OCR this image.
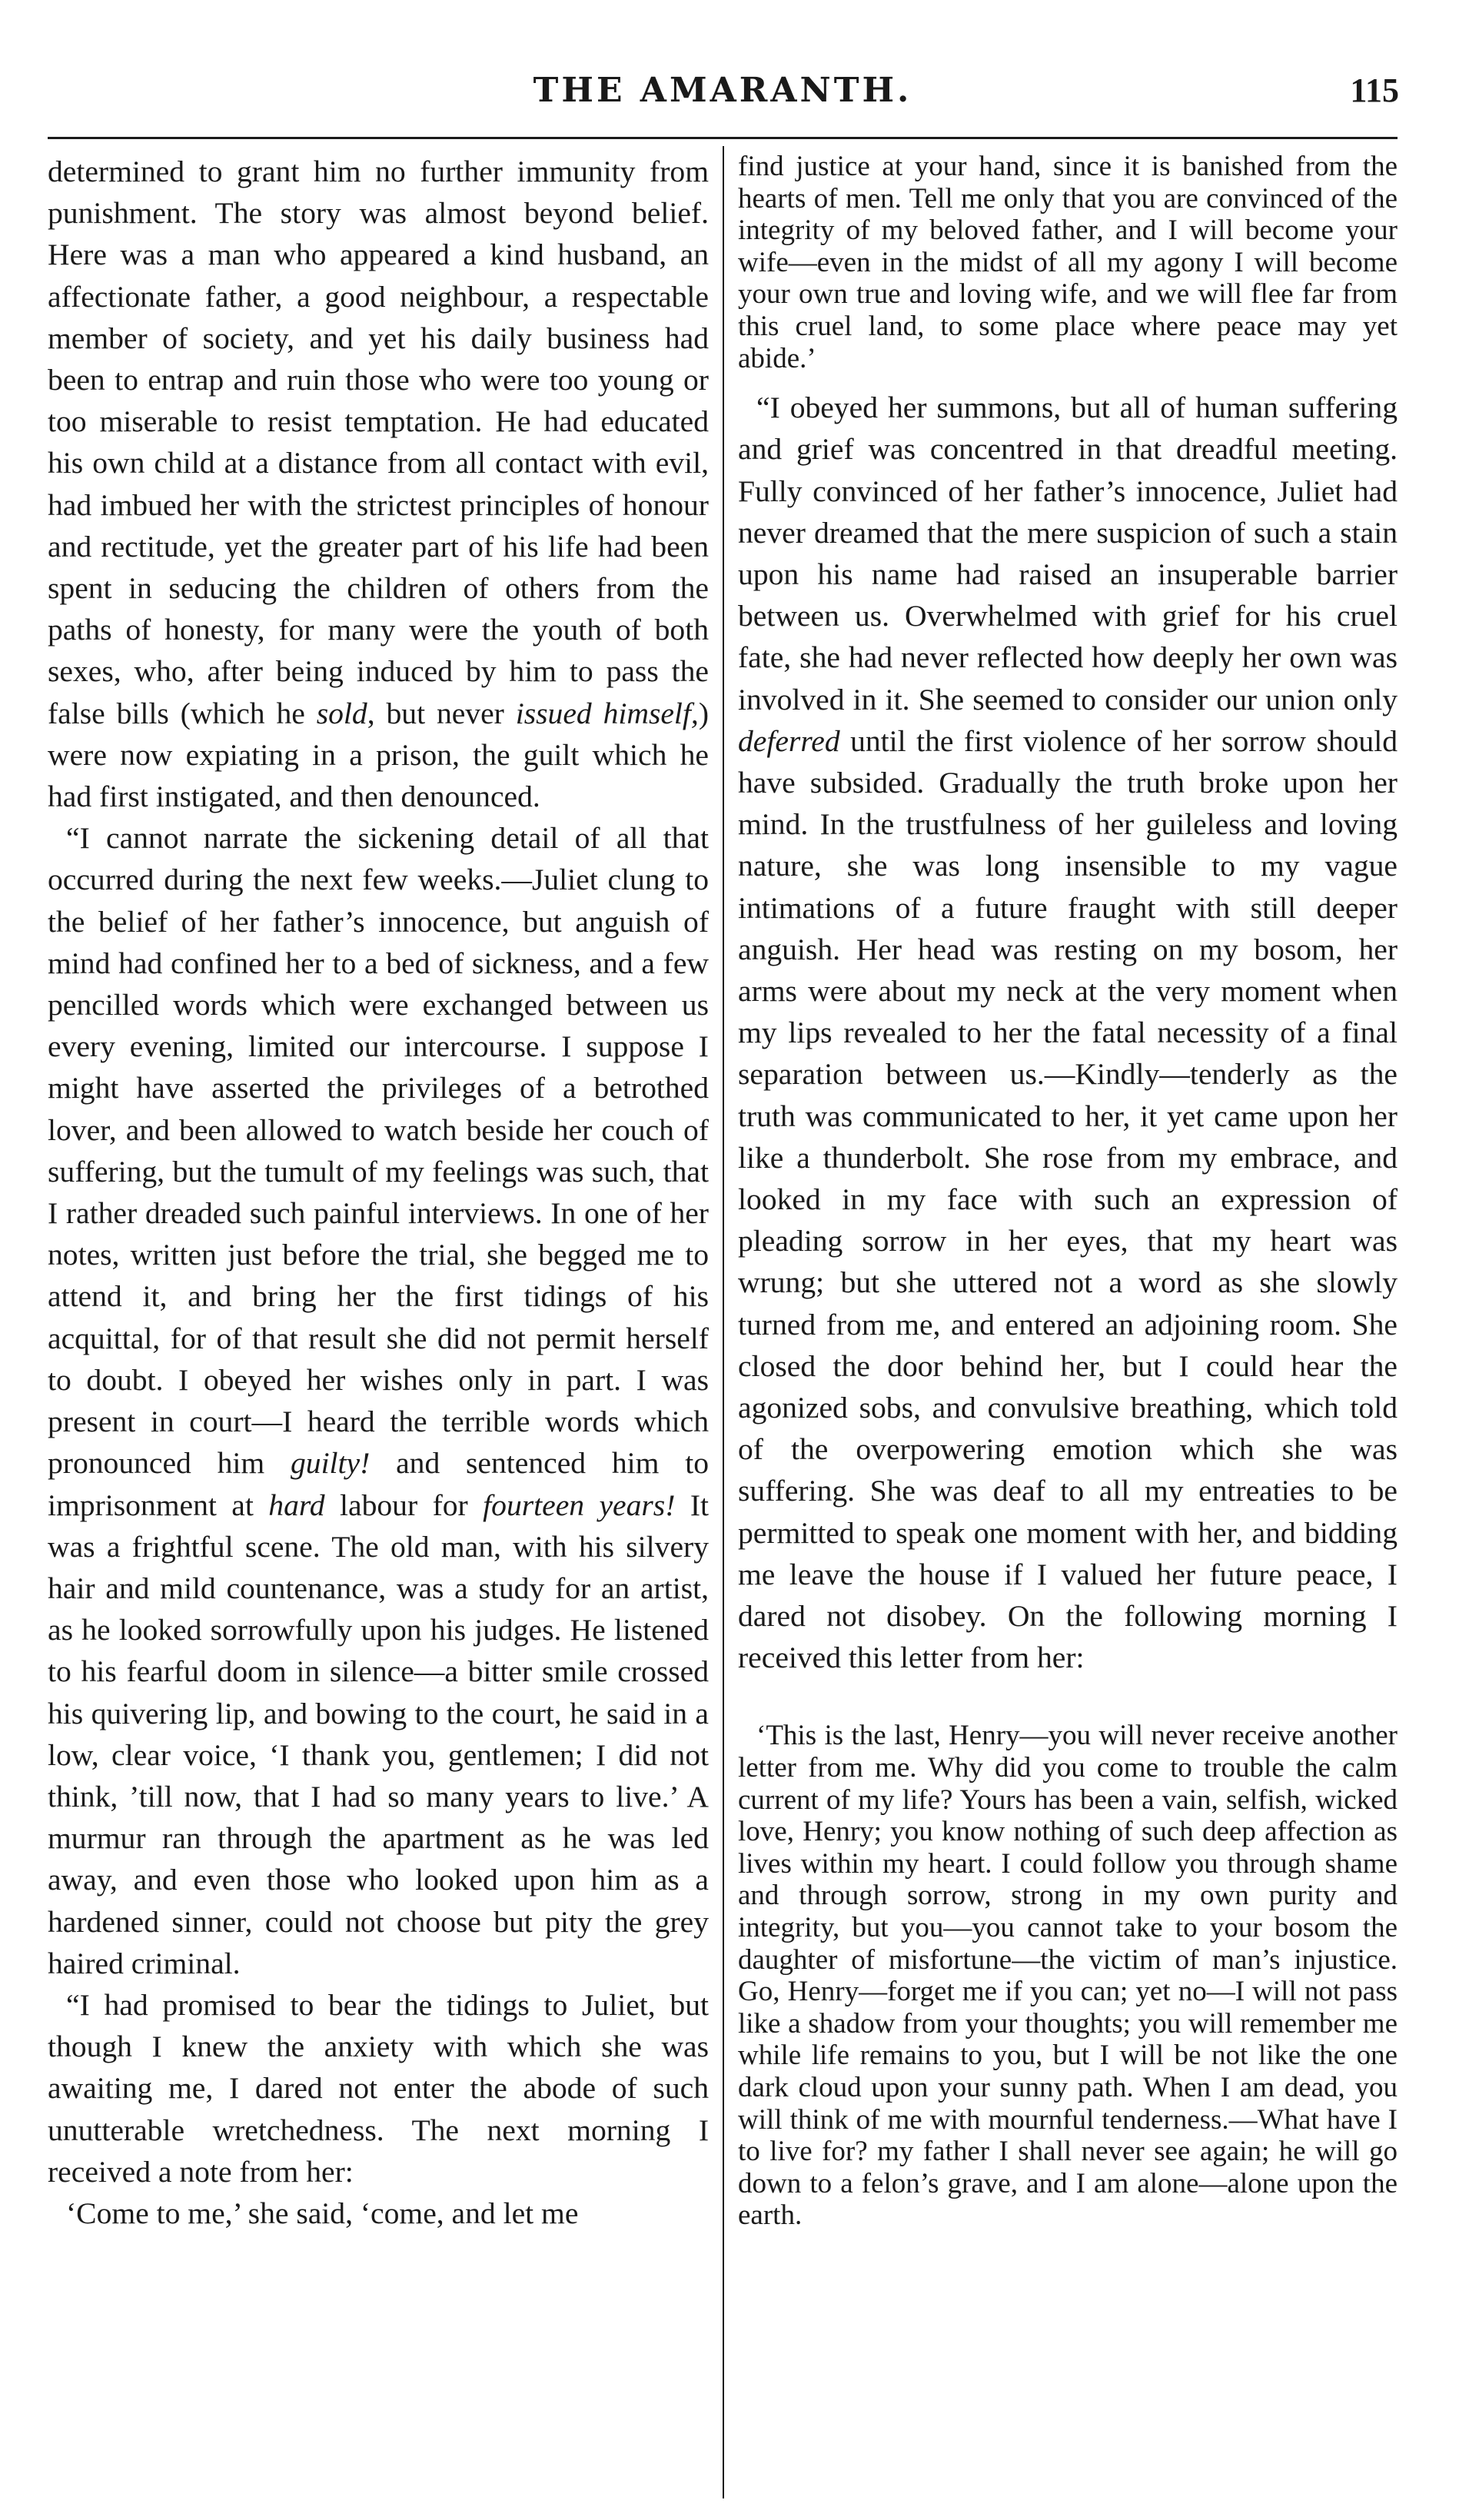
THE AMARANTH.	115

determined to grant him no further immunity from punishment. The story was almost beyond belief. Here was a man who appeared a kind husband, an affectionate father, a good neighbour, a respectable member of society, and yet his daily business had been to entrap and ruin those who were too young or too miserable to resist temptation. He had educated his own child at a distance from all contact with evil, had imbued her with the strictest principles of honour and rectitude, yet the greater part of his life had been spent in seducing the children of others from the paths of honesty, for many were the youth of both sexes, who, after being induced by him to pass the false bills (which he sold, but never issued himself,) were now expiating in a prison, the guilt which he had first instigated, and then denounced.

“I cannot narrate the sickening detail of all that occurred during the next few weeks.—Juliet clung to the belief of her father’s innocence, but anguish of mind had confined her to a bed of sickness, and a few pencilled words which were exchanged between us every evening, limited our intercourse. I suppose I might have asserted the privileges of a betrothed lover, and been allowed to watch beside her couch of suffering, but the tumult of my feelings was such, that I rather dreaded such painful interviews. In one of her notes, written just before the trial, she begged me to attend it, and bring her the first tidings of his acquittal, for of that result she did not permit herself to doubt. I obeyed her wishes only in part. I was present in court—I heard the terrible words which pronounced him guilty! and sentenced him to imprisonment at hard labour for fourteen years! It was a frightful scene. The old man, with his silvery hair and mild countenance, was a study for an artist, as he looked sorrowfully upon his judges. He listened to his fearful doom in silence—a bitter smile crossed his quivering lip, and bowing to the court, he said in a low, clear voice, ‘I thank you, gentlemen; I did not think, ’till now, that I had so many years to live.’ A murmur ran through the apartment as he was led away, and even those who looked upon him as a hardened sinner, could not choose but pity the grey haired criminal.

“I had promised to bear the tidings to Juliet, but though I knew the anxiety with which she was awaiting me, I dared not enter the abode of such unutterable wretchedness. The next morning I received a note from her:

‘Come to me,’ she said, ‘come, and let me

find justice at your hand, since it is banished from the hearts of men. Tell me only that you are convinced of the integrity of my beloved father, and I will become your wife—even in the midst of all my agony I will become your own true and loving wife, and we will flee far from this cruel land, to some place where peace may yet abide.’

“I obeyed her summons, but all of human suffering and grief was concentred in that dreadful meeting. Fully convinced of her father’s innocence, Juliet had never dreamed that the mere suspicion of such a stain upon his name had raised an insuperable barrier between us. Overwhelmed with grief for his cruel fate, she had never reflected how deeply her own was involved in it. She seemed to consider our union only deferred until the first violence of her sorrow should have subsided. Gradually the truth broke upon her mind. In the trustfulness of her guileless and loving nature, she was long insensible to my vague intimations of a future fraught with still deeper anguish. Her head was resting on my bosom, her arms were about my neck at the very moment when my lips revealed to her the fatal necessity of a final separation between us.—Kindly—tenderly as the truth was communicated to her, it yet came upon her like a thunderbolt. She rose from my embrace, and looked in my face with such an expression of pleading sorrow in her eyes, that my heart was wrung; but she uttered not a word as she slowly turned from me, and entered an adjoining room. She closed the door behind her, but I could hear the agonized sobs, and convulsive breathing, which told of the overpowering emotion which she was suffering. She was deaf to all my entreaties to be permitted to speak one moment with her, and bidding me leave the house if I valued her future peace, I dared not disobey. On the following morning I received this letter from her:

‘This is the last, Henry—you will never receive another letter from me. Why did you come to trouble the calm current of my life? Yours has been a vain, selfish, wicked love, Henry; you know nothing of such deep affection as lives within my heart. I could follow you through shame and through sorrow, strong in my own purity and integrity, but you—you cannot take to your bosom the daughter of misfortune—the victim of man’s injustice. Go, Henry—forget me if you can; yet no—I will not pass like a shadow from your thoughts; you will remember me while life remains to you, but I will be not like the one dark cloud upon your sunny path. When I am dead, you will think of me with mournful tenderness.—What have I to live for? my father I shall never see again; he will go down to a felon’s grave, and I am alone—alone upon the earth.
